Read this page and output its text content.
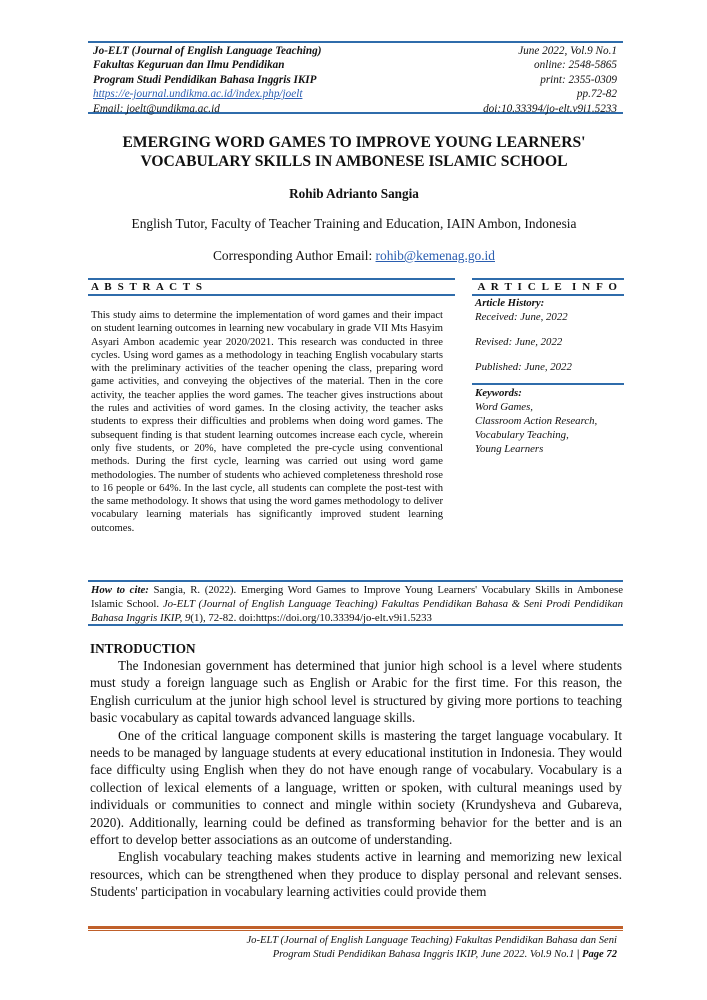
Jo-ELT (Journal of English Language Teaching)
Fakultas Keguruan dan Ilmu Pendidikan
Program Studi Pendidikan Bahasa Inggris IKIP
https://e-journal.undikma.ac.id/index.php/joelt
Email: joelt@undikma.ac.id
June 2022, Vol.9 No.1
online: 2548-5865
print: 2355-0309
pp.72-82
doi:10.33394/jo-elt.v9i1.5233
EMERGING WORD GAMES TO IMPROVE YOUNG LEARNERS'
VOCABULARY SKILLS IN AMBONESE ISLAMIC SCHOOL
Rohib Adrianto Sangia
English Tutor, Faculty of Teacher Training and Education, IAIN Ambon, Indonesia
Corresponding Author Email: rohib@kemenag.go.id
A B S T R A C T S
This study aims to determine the implementation of word games and their impact on student learning outcomes in learning new vocabulary in grade VII Mts Hasyim Asyari Ambon academic year 2020/2021. This research was conducted in three cycles. Using word games as a methodology in teaching English vocabulary starts with the preliminary activities of the teacher opening the class, preparing word game activities, and conveying the objectives of the material. Then in the core activity, the teacher applies the word games. The teacher gives instructions about the rules and activities of word games. In the closing activity, the teacher asks students to express their difficulties and problems when doing word games. The subsequent finding is that student learning outcomes increase each cycle, wherein only five students, or 20%, have completed the pre-cycle using conventional methods. During the first cycle, learning was carried out using word game methodologies. The number of students who achieved completeness threshold rose to 16 people or 64%. In the last cycle, all students can complete the post-test with the same methodology. It shows that using the word games methodology to deliver vocabulary learning materials has significantly improved student learning outcomes.
A R T I C L E  I N F O
Article History:
Received: June, 2022
Revised: June, 2022
Published: June, 2022
Keywords:
Word Games,
Classroom Action Research,
Vocabulary Teaching,
Young Learners
How to cite: Sangia, R. (2022). Emerging Word Games to Improve Young Learners' Vocabulary Skills in Ambonese Islamic School. Jo-ELT (Journal of English Language Teaching) Fakultas Pendidikan Bahasa & Seni Prodi Pendidikan Bahasa Inggris IKIP, 9(1), 72-82. doi:https://doi.org/10.33394/jo-elt.v9i1.5233
INTRODUCTION

The Indonesian government has determined that junior high school is a level where students must study a foreign language such as English or Arabic for the first time. For this reason, the English curriculum at the junior high school level is structured by giving more portions to teaching basic vocabulary as capital towards advanced language skills.

One of the critical language component skills is mastering the target language vocabulary. It needs to be managed by language students at every educational institution in Indonesia. They would face difficulty using English when they do not have enough range of vocabulary. Vocabulary is a collection of lexical elements of a language, written or spoken, with cultural meanings used by individuals or communities to connect and mingle within society (Krundysheva and Gubareva, 2020). Additionally, learning could be defined as transforming behavior for the better and is an effort to develop better associations as an outcome of understanding.

English vocabulary teaching makes students active in learning and memorizing new lexical resources, which can be strengthened when they produce to display personal and relevant senses. Students' participation in vocabulary learning activities could provide them

Jo-ELT (Journal of English Language Teaching) Fakultas Pendidikan Bahasa dan Seni
Program Studi Pendidikan Bahasa Inggris IKIP, June 2022. Vol.9 No.1 | Page 72
